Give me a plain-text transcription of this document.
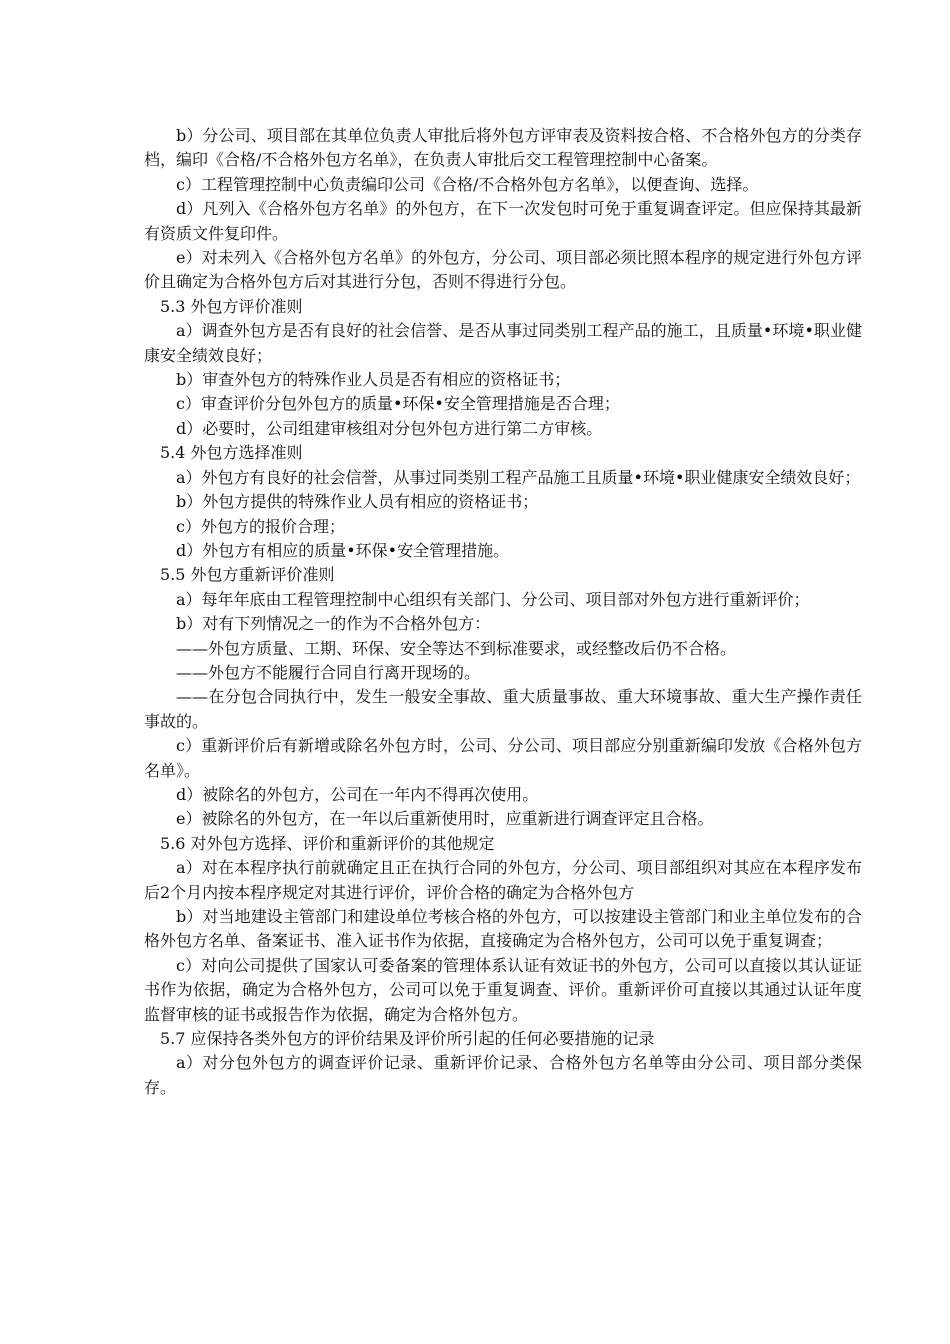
b）分公司、项目部在其单位负责人审批后将外包方评审表及资料按合格、不合格外包方的分类存档，编印《合格/不合格外包方名单》，在负责人审批后交工程管理控制中心备案。

c）工程管理控制中心负责编印公司《合格/不合格外包方名单》，以便查询、选择。

d）凡列入《合格外包方名单》的外包方，在下一次发包时可免于重复调查评定。但应保持其最新有资质文件复印件。

e）对未列入《合格外包方名单》的外包方，分公司、项目部必须比照本程序的规定进行外包方评价且确定为合格外包方后对其进行分包，否则不得进行分包。

5.3 外包方评价准则

a）调查外包方是否有良好的社会信誉、是否从事过同类别工程产品的施工，且质量•环境•职业健康安全绩效良好；

b）审查外包方的特殊作业人员是否有相应的资格证书；

c）审查评价分包外包方的质量•环保•安全管理措施是否合理；

d）必要时，公司组建审核组对分包外包方进行第二方审核。

5.4 外包方选择准则

a）外包方有良好的社会信誉，从事过同类别工程产品施工且质量•环境•职业健康安全绩效良好；

b）外包方提供的特殊作业人员有相应的资格证书；

c）外包方的报价合理；

d）外包方有相应的质量•环保•安全管理措施。

5.5 外包方重新评价准则

a）每年年底由工程管理控制中心组织有关部门、分公司、项目部对外包方进行重新评价；

b）对有下列情况之一的作为不合格外包方：

——外包方质量、工期、环保、安全等达不到标准要求，或经整改后仍不合格。

——外包方不能履行合同自行离开现场的。

——在分包合同执行中，发生一般安全事故、重大质量事故、重大环境事故、重大生产操作责任事故的。

c）重新评价后有新增或除名外包方时，公司、分公司、项目部应分别重新编印发放《合格外包方名单》。

d）被除名的外包方，公司在一年内不得再次使用。

e）被除名的外包方，在一年以后重新使用时，应重新进行调查评定且合格。

5.6 对外包方选择、评价和重新评价的其他规定

a）对在本程序执行前就确定且正在执行合同的外包方，分公司、项目部组织对其应在本程序发布后2个月内按本程序规定对其进行评价，评价合格的确定为合格外包方

b）对当地建设主管部门和建设单位考核合格的外包方，可以按建设主管部门和业主单位发布的合格外包方名单、备案证书、准入证书作为依据，直接确定为合格外包方，公司可以免于重复调查；

c）对向公司提供了国家认可委备案的管理体系认证有效证书的外包方，公司可以直接以其认证证书作为依据，确定为合格外包方，公司可以免于重复调查、评价。重新评价可直接以其通过认证年度监督审核的证书或报告作为依据，确定为合格外包方。

5.7 应保持各类外包方的评价结果及评价所引起的任何必要措施的记录

a）对分包外包方的调查评价记录、重新评价记录、合格外包方名单等由分公司、项目部分类保存。
